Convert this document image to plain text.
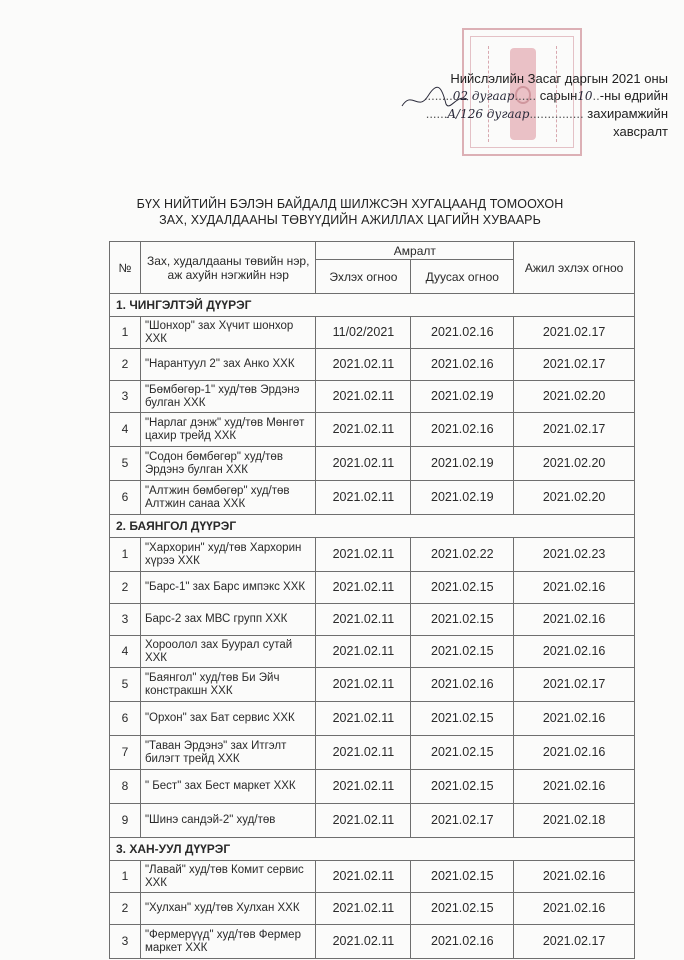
Нийслэлийн Засаг даргын 2021 оны
........02 дугаар...... сарын10..-ны өдрийн
......A/126 дугаар............... захирамжийн
хавсралт
БҮХ НИЙТИЙН БЭЛЭН БАЙДАЛД ШИЛЖСЭН ХУГАЦААНД ТОМООХОН
ЗАХ, ХУДАЛДААНЫ ТӨВҮҮДИЙН АЖИЛЛАХ ЦАГИЙН ХУВААРЬ
№	Зах, худалдааны төвийн нэр, аж ахуйн нэгжийн нэр	Амралт		Ажил эхлэх огноо
		Эхлэх огноо	Дуусах огноо	
1. ЧИНГЭЛТЭЙ ДҮҮРЭГ				
1	"Шонхор" зах Хүчит шонхор ХХК	11/02/2021	2021.02.16	2021.02.17
2	"Нарантуул 2" зах Анко ХХК	2021.02.11	2021.02.16	2021.02.17
3	"Бөмбөгөр-1" худ/төв Эрдэнэ булган ХХК	2021.02.11	2021.02.19	2021.02.20
4	"Нарлаг дэнж" худ/төв Мөнгөт цахир трейд ХХК	2021.02.11	2021.02.16	2021.02.17
5	"Содон бөмбөгөр" худ/төв Эрдэнэ булган ХХК	2021.02.11	2021.02.19	2021.02.20
6	"Алтжин бөмбөгөр" худ/төв Алтжин санаа ХХК	2021.02.11	2021.02.19	2021.02.20
2. БАЯНГОЛ ДҮҮРЭГ				
1	"Хархорин" худ/төв Хархорин хүрээ ХХК	2021.02.11	2021.02.22	2021.02.23
2	"Барс-1" зах Барс импэкс ХХК	2021.02.11	2021.02.15	2021.02.16
3	Барс-2 зах МВС групп ХХК	2021.02.11	2021.02.15	2021.02.16
4	Хороолол зах Буурал сутай ХХК	2021.02.11	2021.02.15	2021.02.16
5	"Баянгол" худ/төв Би Эйч констракшн ХХК	2021.02.11	2021.02.16	2021.02.17
6	"Орхон" зах Бат сервис ХХК	2021.02.11	2021.02.15	2021.02.16
7	"Таван Эрдэнэ" зах Итгэлт билэгт трейд ХХК	2021.02.11	2021.02.15	2021.02.16
8	" Бест" зах Бест маркет ХХК	2021.02.11	2021.02.15	2021.02.16
9	"Шинэ сандэй-2" худ/төв	2021.02.11	2021.02.17	2021.02.18
3. ХАН-УУЛ ДҮҮРЭГ				
1	"Лавай" худ/төв Комит сервис ХХК	2021.02.11	2021.02.15	2021.02.16
2	"Хулхан" худ/төв Хулхан ХХК	2021.02.11	2021.02.15	2021.02.16
3	"Фермерүүд" худ/төв Фермер маркет ХХК	2021.02.11	2021.02.16	2021.02.17
